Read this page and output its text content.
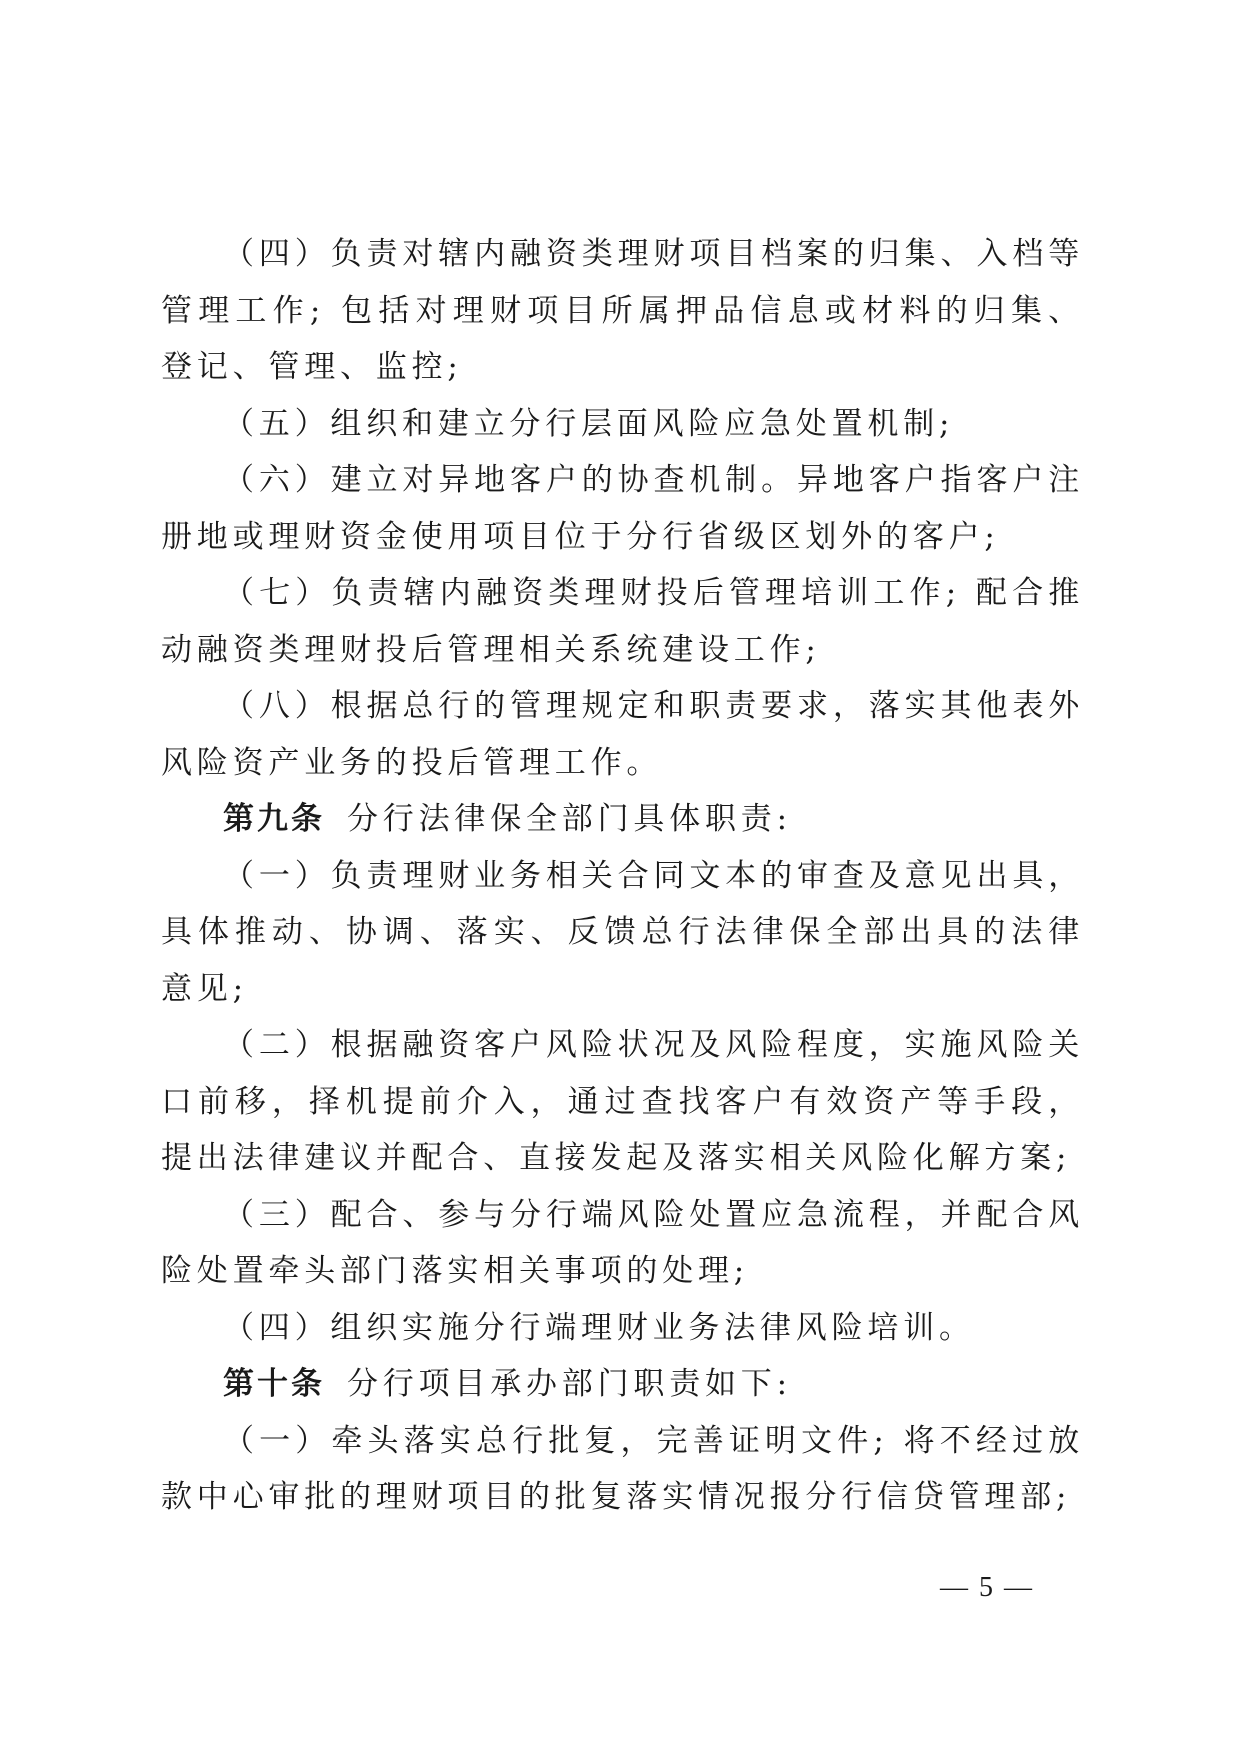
（四）负责对辖内融资类理财项目档案的归集、入档等管理工作; 包括对理财项目所属押品信息或材料的归集、登记、管理、监控;

（五）组织和建立分行层面风险应急处置机制;

（六）建立对异地客户的协查机制。异地客户指客户注册地或理财资金使用项目位于分行省级区划外的客户;

（七）负责辖内融资类理财投后管理培训工作; 配合推动融资类理财投后管理相关系统建设工作;

（八）根据总行的管理规定和职责要求，落实其他表外风险资产业务的投后管理工作。

第九条 分行法律保全部门具体职责:

（一）负责理财业务相关合同文本的审查及意见出具，具体推动、协调、落实、反馈总行法律保全部出具的法律意见;

（二）根据融资客户风险状况及风险程度，实施风险关口前移，择机提前介入，通过查找客户有效资产等手段，提出法律建议并配合、直接发起及落实相关风险化解方案;

（三）配合、参与分行端风险处置应急流程，并配合风险处置牵头部门落实相关事项的处理;

（四）组织实施分行端理财业务法律风险培训。

第十条 分行项目承办部门职责如下:

（一）牵头落实总行批复，完善证明文件; 将不经过放款中心审批的理财项目的批复落实情况报分行信贷管理部;

— 5 —
